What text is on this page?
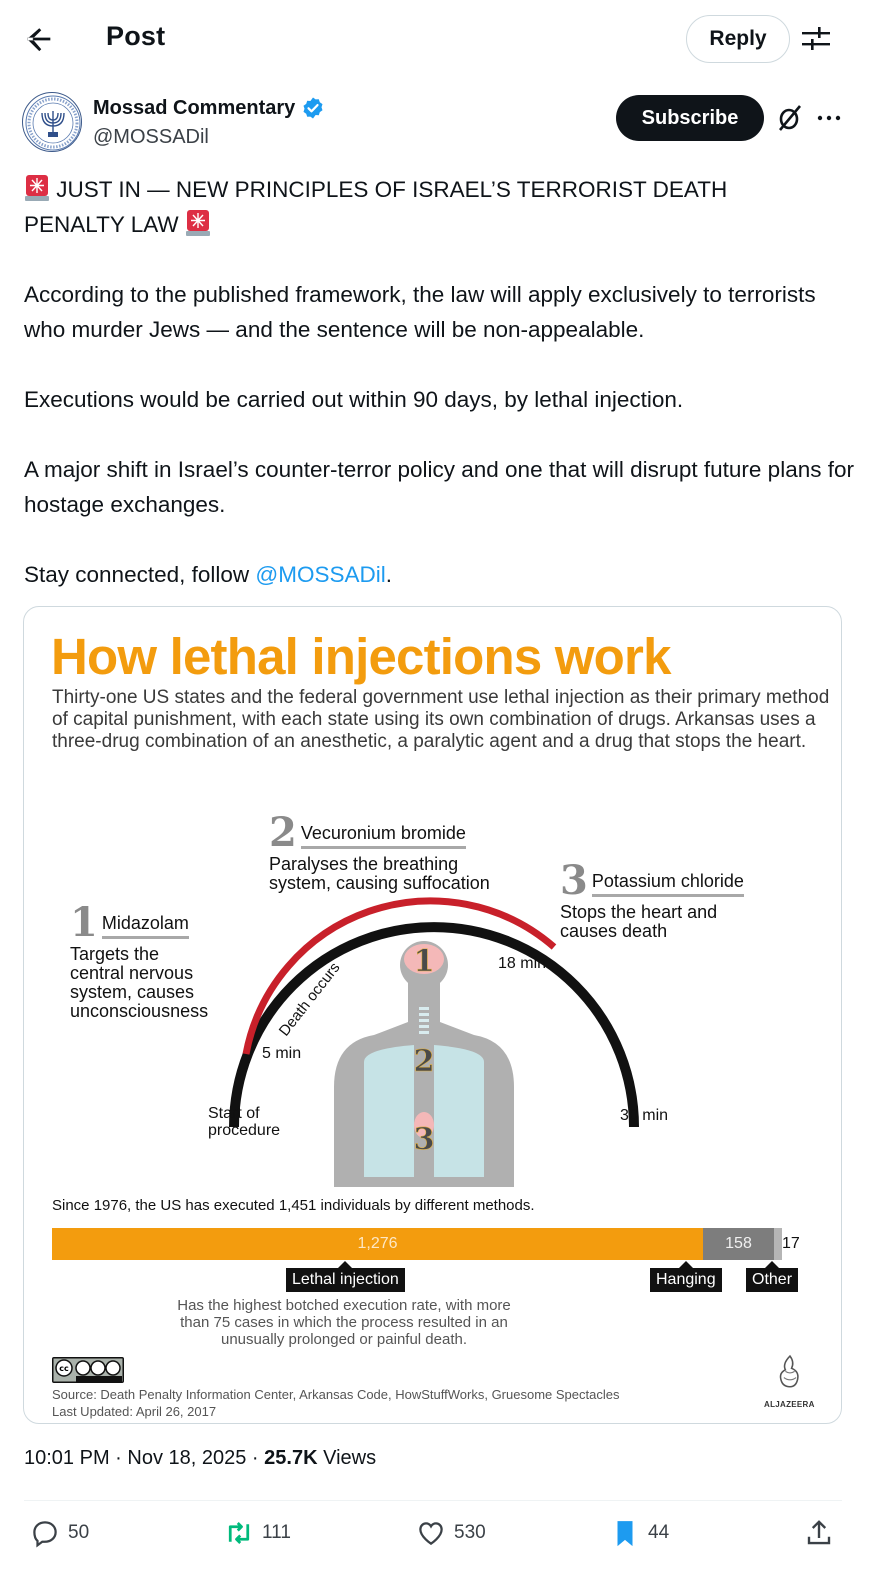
Post	Reply
Mossad Commentary
@MOSSADil
Subscribe

JUST IN — NEW PRINCIPLES OF ISRAEL’S TERRORIST DEATH
PENALTY LAW

According to the published framework, the law will apply exclusively to terrorists who murder Jews — and the sentence will be non-appealable.

Executions would be carried out within 90 days, by lethal injection.

A major shift in Israel’s counter-terror policy and one that will disrupt future plans for hostage exchanges.

Stay connected, follow @MOSSADil.

How lethal injections work
Thirty-one US states and the federal government use lethal injection as their primary method of capital punishment, with each state using its own combination of drugs. Arkansas uses a three-drug combination of an anesthetic, a paralytic agent and a drug that stops the heart.
1 Midazolam
Targets the
central nervous
system, causes
unconsciousness
2 Vecuronium bromide
Paralyses the breathing
system, causing suffocation 3 Potassium chloride
Stops the heart and
causes death
1
2
3
Death occurs
5 min
18 min
30 min
Start of
procedure
Since 1976, the US has executed 1,451 individuals by different methods.
1,276	158	17
Lethal injection	Hanging	Other
Has the highest botched execution rate, with more than 75 cases in which the process resulted in an unusually prolonged or painful death.
cc
Source: Death Penalty Information Center, Arkansas Code, HowStuffWorks, Gruesome Spectacles
Last Updated: April 26, 2017	ALJAZEERA
10:01 PM · Nov 18, 2025 · 25.7K Views
50	111	530	44
